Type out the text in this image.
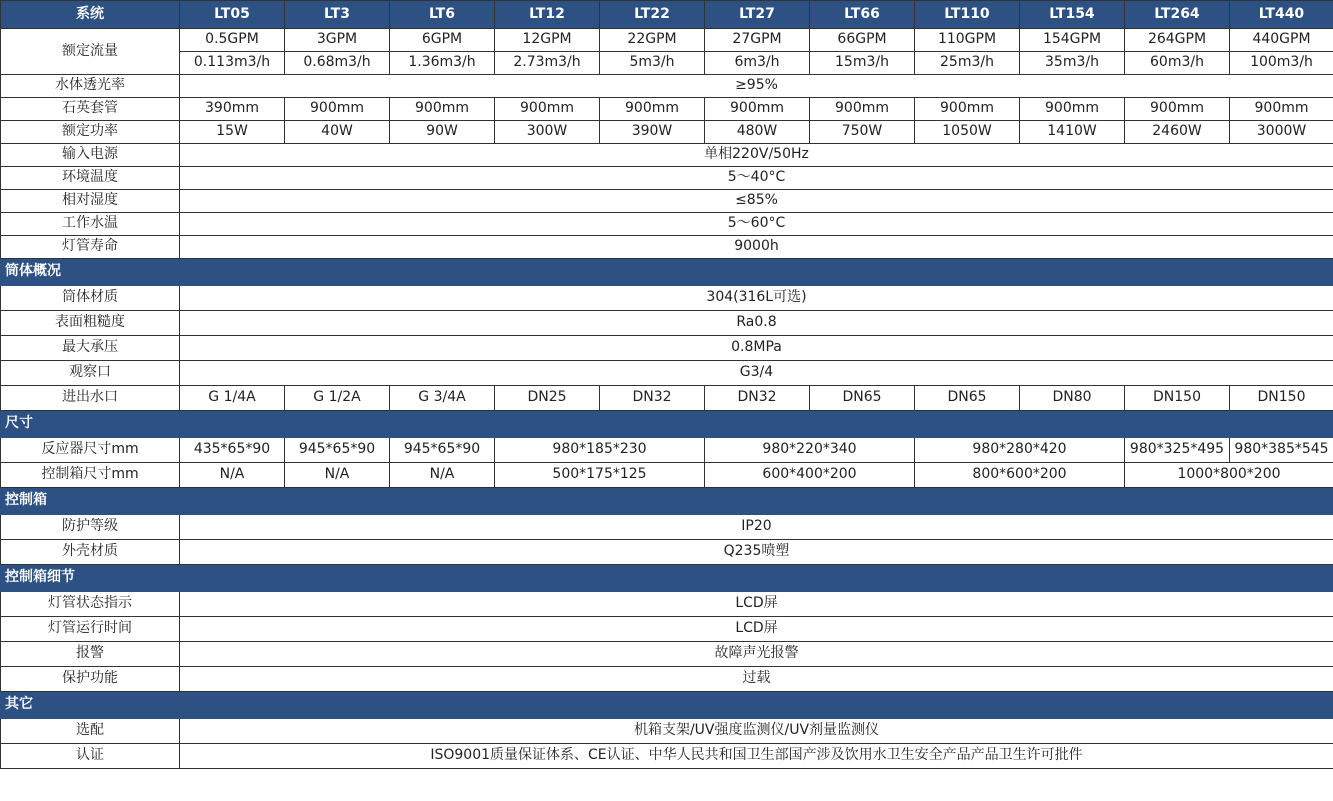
系统	LT05	LT3	LT6	LT12	LT22	LT27	LT66	LT110	LT154	LT264	LT440
额定流量	0.5GPM	3GPM	6GPM	12GPM	22GPM	27GPM	66GPM	110GPM	154GPM	264GPM	440GPM
	0.113m3/h	0.68m3/h	1.36m3/h	2.73m3/h	5m3/h	6m3/h	15m3/h	25m3/h	35m3/h	60m3/h	100m3/h
水体透光率	≥95%										
石英套管	390mm	900mm	900mm	900mm	900mm	900mm	900mm	900mm	900mm	900mm	900mm
额定功率	15W	40W	90W	300W	390W	480W	750W	1050W	1410W	2460W	3000W
输入电源	单相220V/50Hz										
环境温度	5～40°C										
相对湿度	≤85%										
工作水温	5～60°C										
灯管寿命	9000h										
筒体概况											
筒体材质	304(316L可选)										
表面粗糙度	Ra0.8										
最大承压	0.8MPa										
观察口	G3/4										
进出水口	G 1/4A	G 1/2A	G 3/4A	DN25	DN32	DN32	DN65	DN65	DN80	DN150	DN150
尺寸											
反应器尺寸mm	435*65*90	945*65*90	945*65*90	980*185*230		980*220*340		980*280*420		980*325*495	980*385*545
控制箱尺寸mm	N/A	N/A	N/A	500*175*125		600*400*200		800*600*200		1000*800*200	
控制箱											
防护等级	IP20										
外壳材质	Q235喷塑										
控制箱细节											
灯管状态指示	LCD屏										
灯管运行时间	LCD屏										
报警	故障声光报警										
保护功能	过载										
其它											
选配	机箱支架/UV强度监测仪/UV剂量监测仪										
认证	ISO9001质量保证体系、CE认证、中华人民共和国卫生部国产涉及饮用水卫生安全产品产品卫生许可批件										
